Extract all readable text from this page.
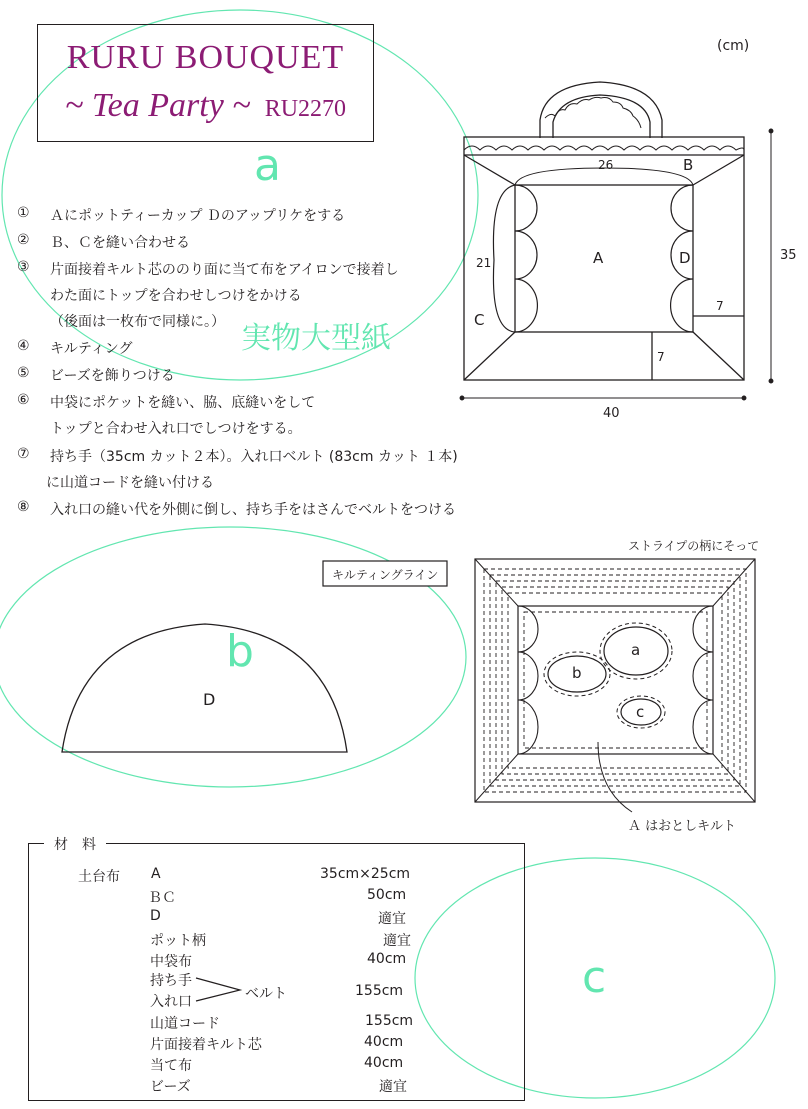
RURU BOUQUET
~ Tea Party ~ RU2270
(cm)
a
b
c
実物大型紙
① Ａにポットティーカップ Ｄのアップリケをする
② Ｂ、Ｃを縫い合わせる
③ 片面接着キルト芯ののり面に当て布をアイロンで接着し
わた面にトップを合わせしつけをかける
（後面は一枚布で同様に。）
④ キルティング
⑤ ビーズを飾りつける
⑥ 中袋にポケットを縫い、脇、底縫いをして
トップと合わせ入れ口でしつけをする。
⑦ 持ち手（35cm カット２本）。入れ口ベルト (83cm カット １本)
に山道コードを縫い付ける
⑧ 入れ口の縫い代を外側に倒し、持ち手をはさんでベルトをつける
26	B
21	A	D
C
7
7
35
40
D
キルティングライン
ストライプの柄にそって
a
b
c
Ａ はおとしキルト
材　料
土台布 A	35cm×25cm
ＢＣ	50cm
D	適宜
ポット柄	適宜
中袋布	40cm
持ち手
入れ口	ベルト	155cm
山道コード	155cm
片面接着キルト芯	40cm
当て布	40cm
ビーズ	適宜
